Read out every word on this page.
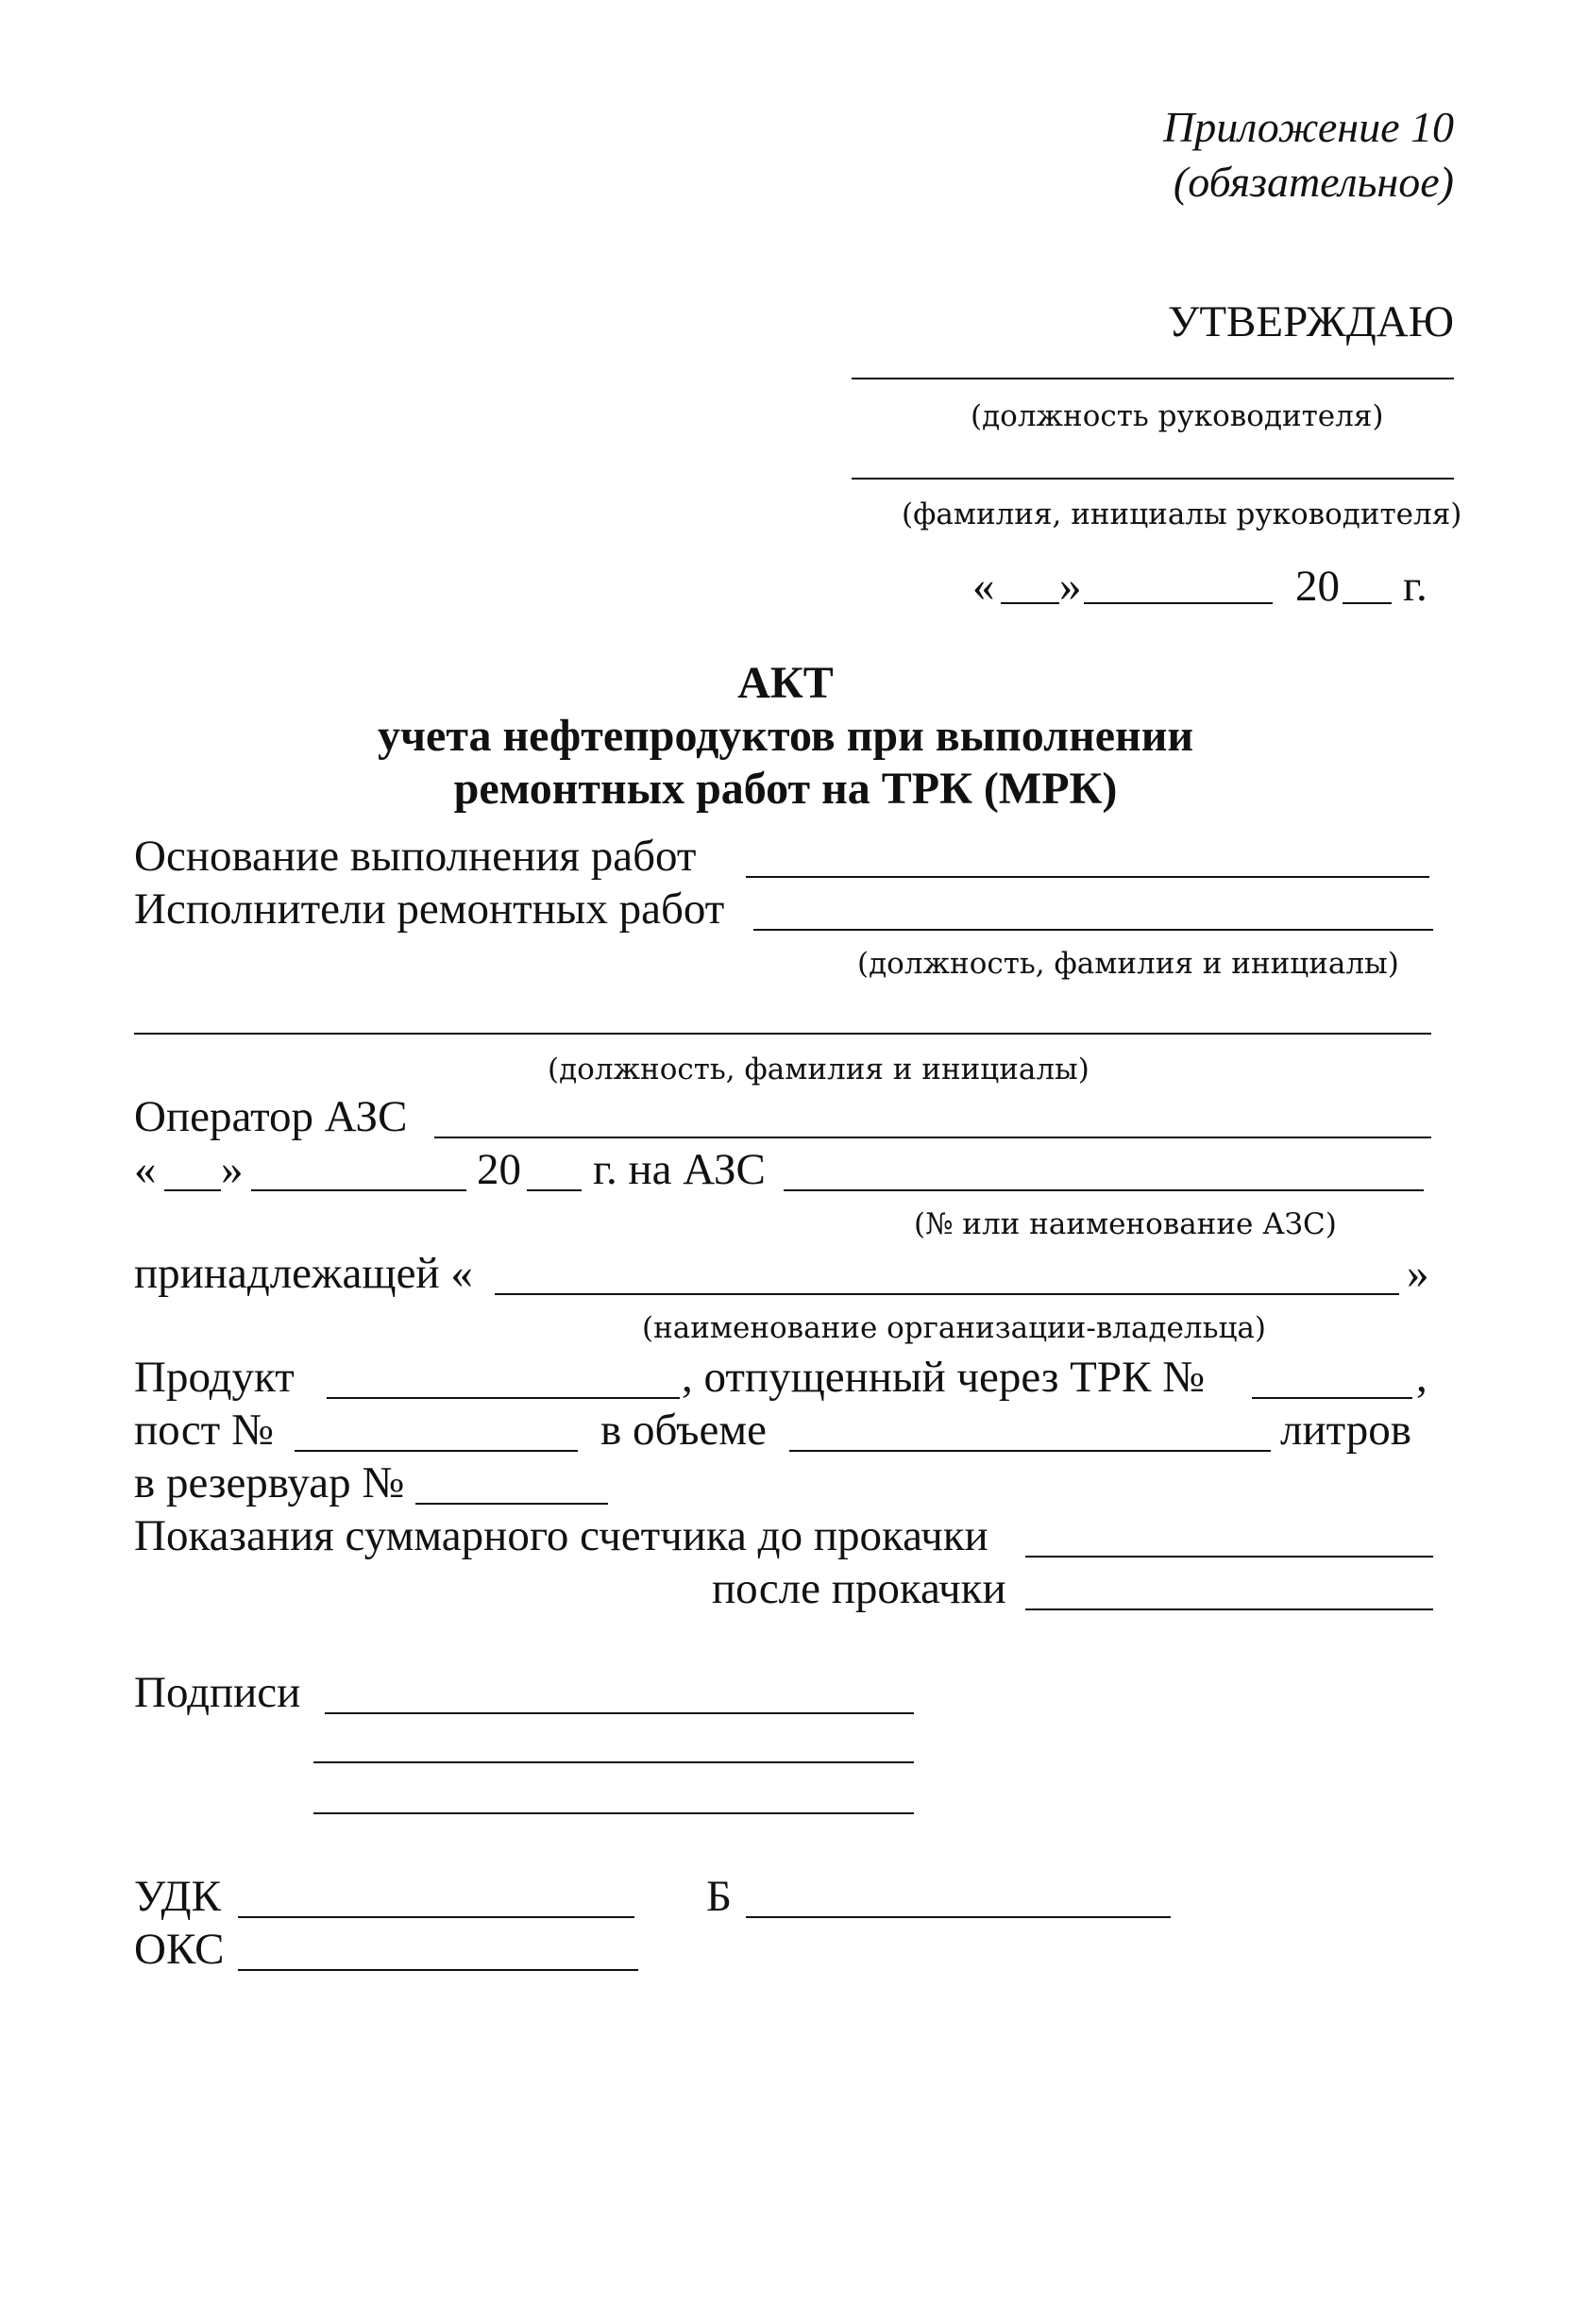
Приложение 10
(обязательное)
УТВЕРЖДАЮ
(должность руководителя)
(фамилия, инициалы руководителя)
« »	20 г.
АКТ
учета нефтепродуктов при выполнении
ремонтных работ на ТРК (МРК)
Основание выполнения работ
Исполнители ремонтных работ
(должность, фамилия и инициалы)
(должность, фамилия и инициалы)
Оператор АЗС
« »	20 г. на АЗС
(№ или наименование АЗС)
принадлежащей «	»
(наименование организации-владельца)
Продукт	, отпущенный через ТРК №	,
пост №	в объеме	литров
в резервуар №
Показания суммарного счетчика до прокачки
после прокачки
Подписи
УДК	Б
ОКС
